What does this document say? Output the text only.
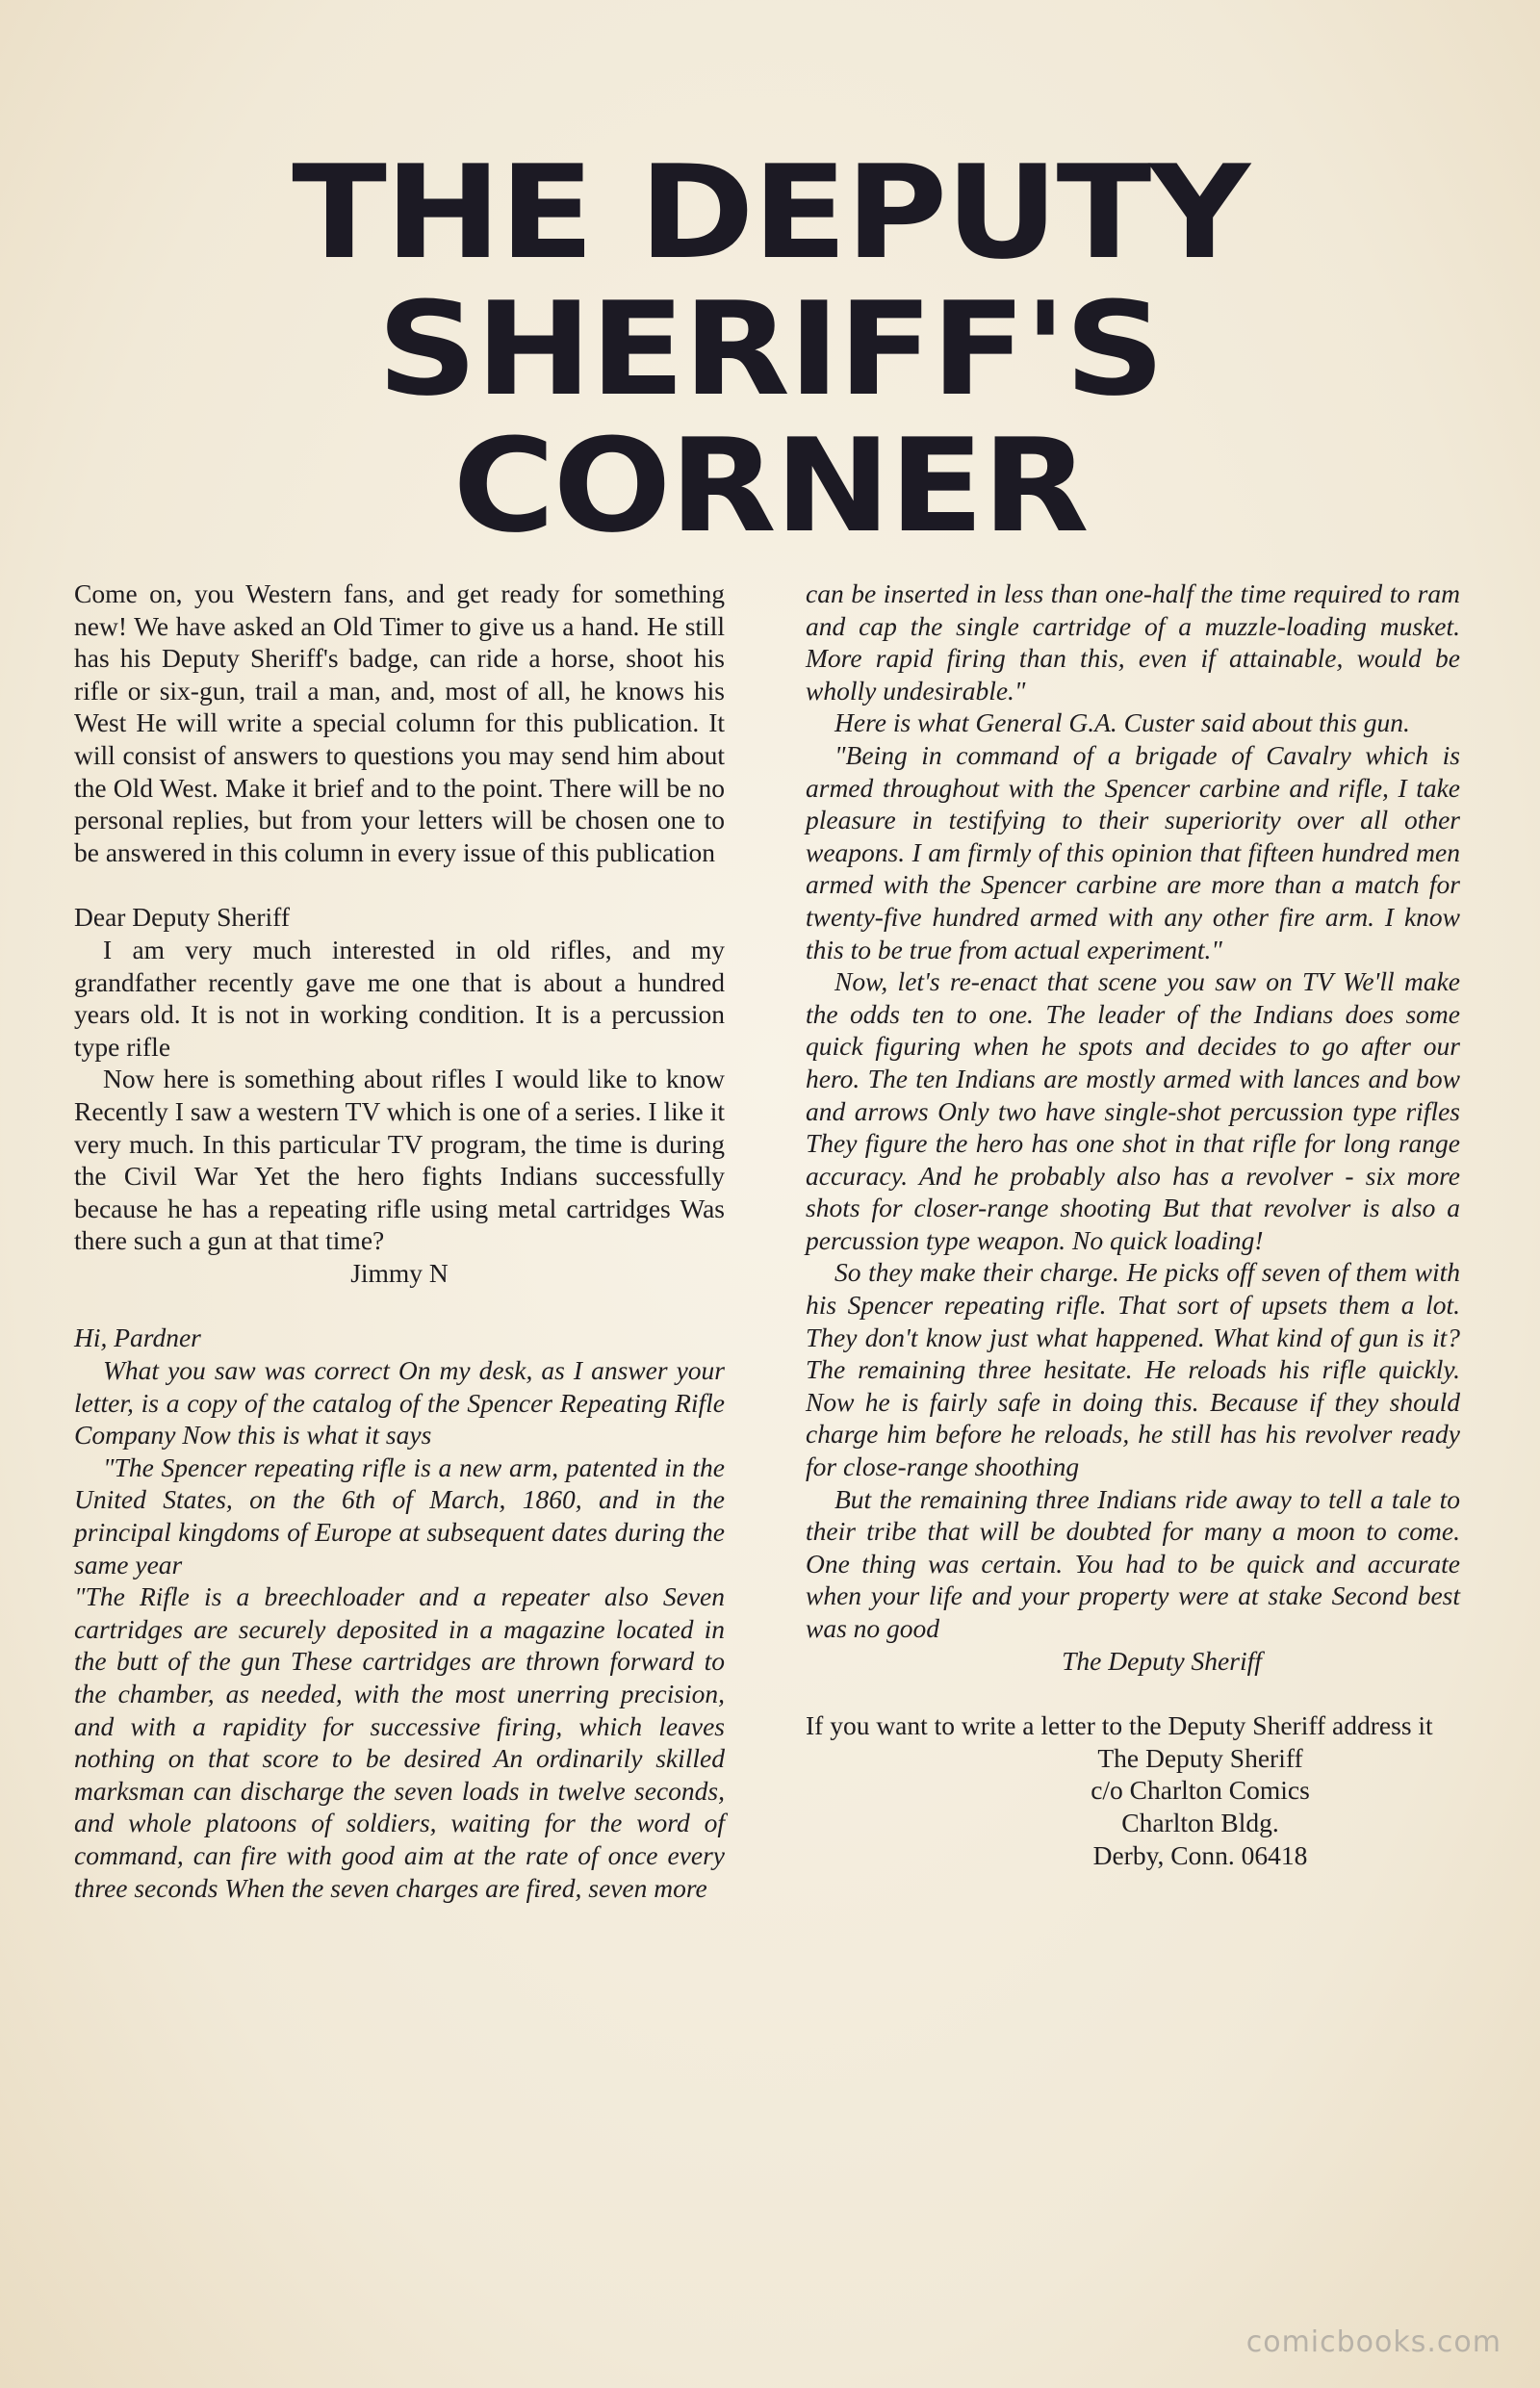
THE DEPUTY
SHERIFF'S
CORNER

Come on, you Western fans, and get ready for something new! We have asked an Old Timer to give us a hand. He still has his Deputy Sheriff's badge, can ride a horse, shoot his rifle or six-gun, trail a man, and, most of all, he knows his West He will write a special column for this publication. It will consist of answers to questions you may send him about the Old West. Make it brief and to the point. There will be no personal replies, but from your letters will be chosen one to be answered in this column in every issue of this publication

Dear Deputy Sheriff

I am very much interested in old rifles, and my grandfather recently gave me one that is about a hundred years old. It is not in working condition. It is a percussion type rifle

Now here is something about rifles I would like to know Recently I saw a western TV which is one of a series. I like it very much. In this particular TV program, the time is during the Civil War Yet the hero fights Indians successfully because he has a repeating rifle using metal cartridges Was there such a gun at that time?

Jimmy N

Hi, Pardner

What you saw was correct On my desk, as I answer your letter, is a copy of the catalog of the Spencer Repeating Rifle Company Now this is what it says

"The Spencer repeating rifle is a new arm, patented in the United States, on the 6th of March, 1860, and in the principal kingdoms of Europe at subsequent dates during the same year

"The Rifle is a breechloader and a repeater also Seven cartridges are securely deposited in a magazine located in the butt of the gun These cartridges are thrown forward to the chamber, as needed, with the most unerring precision, and with a rapidity for successive firing, which leaves nothing on that score to be desired An ordinarily skilled marksman can discharge the seven loads in twelve seconds, and whole platoons of soldiers, waiting for the word of command, can fire with good aim at the rate of once every three seconds When the seven charges are fired, seven more

can be inserted in less than one-half the time required to ram and cap the single cartridge of a muzzle-loading musket. More rapid firing than this, even if attainable, would be wholly undesirable."

Here is what General G.A. Custer said about this gun.

"Being in command of a brigade of Cavalry which is armed throughout with the Spencer carbine and rifle, I take pleasure in testifying to their superiority over all other weapons. I am firmly of this opinion that fifteen hundred men armed with the Spencer carbine are more than a match for twenty-five hundred armed with any other fire arm. I know this to be true from actual experiment."

Now, let's re-enact that scene you saw on TV We'll make the odds ten to one. The leader of the Indians does some quick figuring when he spots and decides to go after our hero. The ten Indians are mostly armed with lances and bow and arrows Only two have single-shot percussion type rifles They figure the hero has one shot in that rifle for long range accuracy. And he probably also has a revolver - six more shots for closer-range shooting But that revolver is also a percussion type weapon. No quick loading!

So they make their charge. He picks off seven of them with his Spencer repeating rifle. That sort of upsets them a lot. They don't know just what happened. What kind of gun is it? The remaining three hesitate. He reloads his rifle quickly. Now he is fairly safe in doing this. Because if they should charge him before he reloads, he still has his revolver ready for close-range shoothing

But the remaining three Indians ride away to tell a tale to their tribe that will be doubted for many a moon to come. One thing was certain. You had to be quick and accurate when your life and your property were at stake Second best was no good

The Deputy Sheriff

If you want to write a letter to the Deputy Sheriff address it

The Deputy Sheriff

c/o Charlton Comics

Charlton Bldg.

Derby, Conn. 06418

comicbooks.com
